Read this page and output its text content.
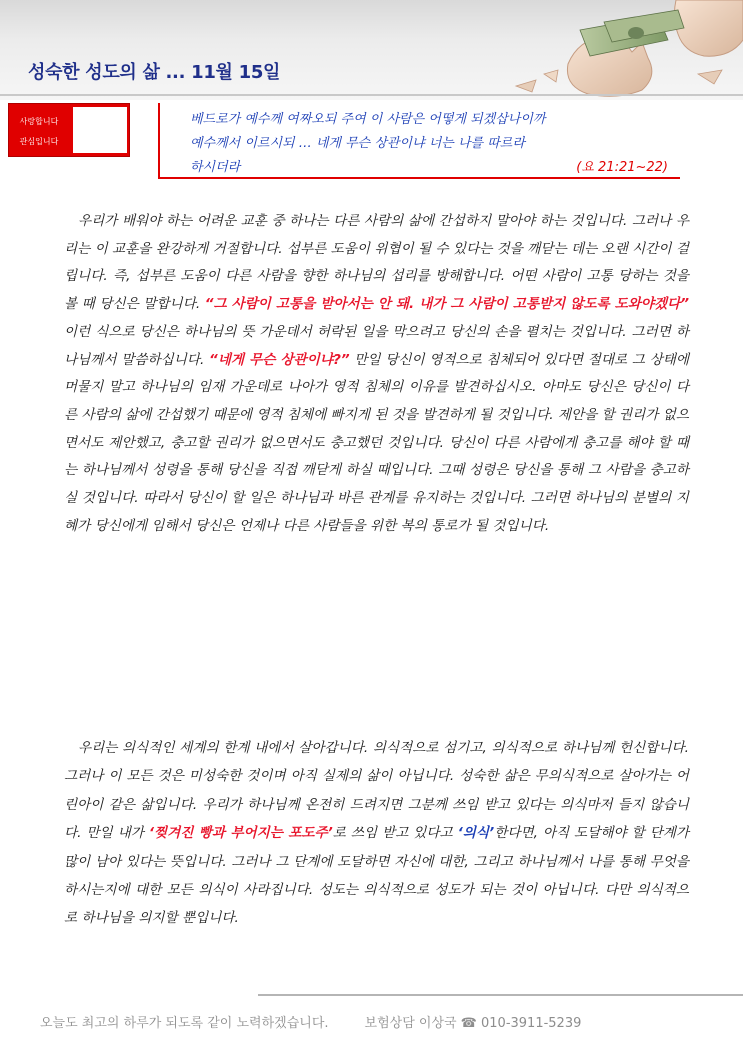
성숙한 성도의 삶 ... 11월 15일
사랑합니다
관심입니다
베드로가 예수께 여짜오되 주여 이 사람은 어떻게 되겠삽나이까
예수께서 이르시되 … 네게 무슨 상관이냐 너는 나를 따르라
하시더라	(요 21:21~22)
우리가 배워야 하는 어려운 교훈 중 하나는 다른 사람의 삶에 간섭하지 말아야 하는 것입니다. 그러나 우리는 이 교훈을 완강하게 거절합니다. 섭부른 도움이 위협이 될 수 있다는 것을 깨닫는 데는 오랜 시간이 걸립니다. 즉, 섭부른 도움이 다른 사람을 향한 하나님의 섭리를 방해합니다. 어떤 사람이 고통 당하는 것을 볼 때 당신은 말합니다. “그 사람이 고통을 받아서는 안 돼. 내가 그 사람이 고통받지 않도록 도와야겠다” 이런 식으로 당신은 하나님의 뜻 가운데서 허락된 일을 막으려고 당신의 손을 펼치는 것입니다. 그러면 하나님께서 말씀하십니다. “네게 무슨 상관이냐?” 만일 당신이 영적으로 침체되어 있다면 절대로 그 상태에 머물지 말고 하나님의 임재 가운데로 나아가 영적 침체의 이유를 발견하십시오. 아마도 당신은 당신이 다른 사람의 삶에 간섭했기 때문에 영적 침체에 빠지게 된 것을 발견하게 될 것입니다. 제안을 할 권리가 없으면서도 제안했고, 충고할 권리가 없으면서도 충고했던 것입니다. 당신이 다른 사람에게 충고를 해야 할 때는 하나님께서 성령을 통해 당신을 직접 깨닫게 하실 때입니다. 그때 성령은 당신을 통해 그 사람을 충고하실 것입니다. 따라서 당신이 할 일은 하나님과 바른 관계를 유지하는 것입니다. 그러면 하나님의 분별의 지혜가 당신에게 임해서 당신은 언제나 다른 사람들을 위한 복의 통로가 될 것입니다.
우리는 의식적인 세계의 한계 내에서 살아갑니다. 의식적으로 섬기고, 의식적으로 하나님께 헌신합니다. 그러나 이 모든 것은 미성숙한 것이며 아직 실제의 삶이 아닙니다. 성숙한 삶은 무의식적으로 살아가는 어린아이 같은 삶입니다. 우리가 하나님께 온전히 드려지면 그분께 쓰임 받고 있다는 의식마저 들지 않습니다. 만일 내가 ‘찢겨진 빵과 부어지는 포도주’로 쓰임 받고 있다고 ‘의식’한다면, 아직 도달해야 할 단계가 많이 남아 있다는 뜻입니다. 그러나 그 단계에 도달하면 자신에 대한, 그리고 하나님께서 나를 통해 무엇을 하시는지에 대한 모든 의식이 사라집니다. 성도는 의식적으로 성도가 되는 것이 아닙니다. 다만 의식적으로 하나님을 의지할 뿐입니다.
오늘도 최고의 하루가 되도록 같이 노력하겠습니다.	보험상담 이상국 ☎ 010-3911-5239
